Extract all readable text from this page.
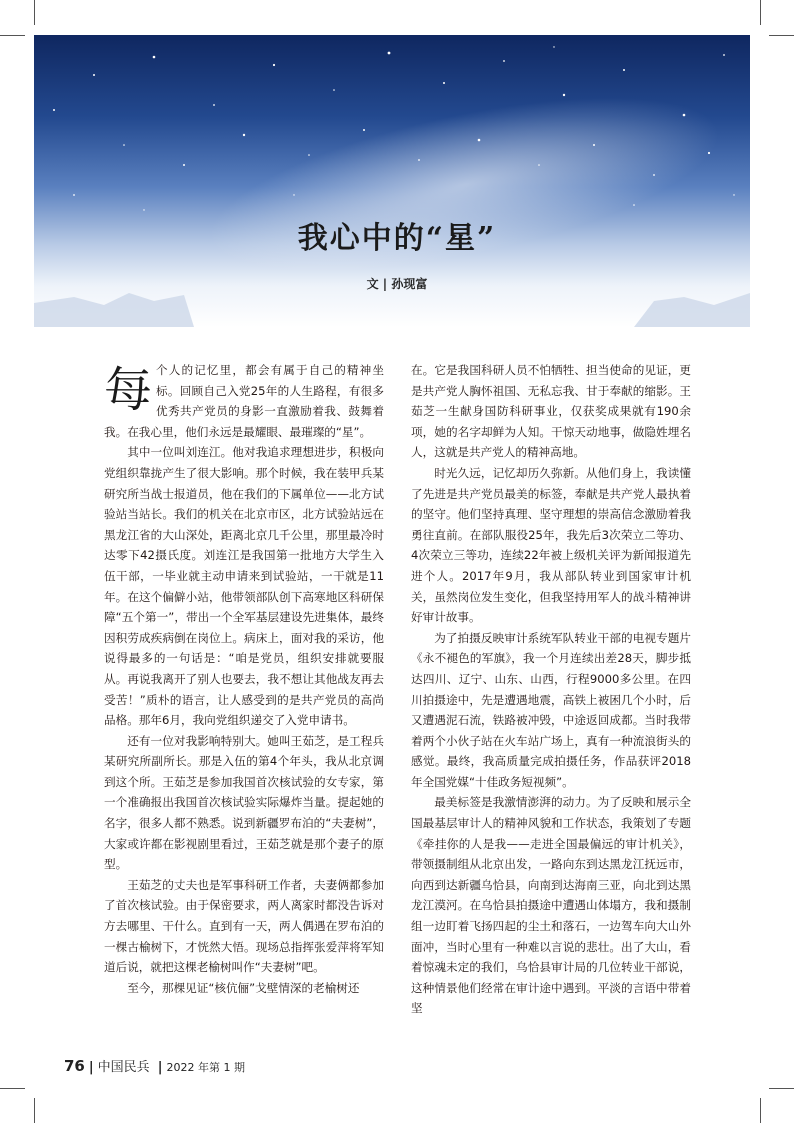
我心中的“星”
文 | 孙现富

每个人的记忆里，都会有属于自己的精神坐标。回顾自己入党25年的人生路程，有很多优秀共产党员的身影一直激励着我、鼓舞着我。在我心里，他们永远是最耀眼、最璀璨的“星”。

其中一位叫刘连江。他对我追求理想进步，积极向党组织靠拢产生了很大影响。那个时候，我在装甲兵某研究所当战士报道员，他在我们的下属单位——北方试验站当站长。我们的机关在北京市区，北方试验站远在黑龙江省的大山深处，距离北京几千公里，那里最冷时达零下42摄氏度。刘连江是我国第一批地方大学生入伍干部，一毕业就主动申请来到试验站，一干就是11年。在这个偏僻小站，他带领部队创下高寒地区科研保障“五个第一”，带出一个全军基层建设先进集体，最终因积劳成疾病倒在岗位上。病床上，面对我的采访，他说得最多的一句话是：“咱是党员，组织安排就要服从。再说我离开了别人也要去，我不想让其他战友再去受苦！”质朴的语言，让人感受到的是共产党员的高尚品格。那年6月，我向党组织递交了入党申请书。

还有一位对我影响特别大。她叫王茹芝，是工程兵某研究所副所长。那是入伍的第4个年头，我从北京调到这个所。王茹芝是参加我国首次核试验的女专家，第一个准确报出我国首次核试验实际爆炸当量。提起她的名字，很多人都不熟悉。说到新疆罗布泊的“夫妻树”，大家或许都在影视剧里看过，王茹芝就是那个妻子的原型。

王茹芝的丈夫也是军事科研工作者，夫妻俩都参加了首次核试验。由于保密要求，两人离家时都没告诉对方去哪里、干什么。直到有一天，两人偶遇在罗布泊的一棵古榆树下，才恍然大悟。现场总指挥张爱萍将军知道后说，就把这棵老榆树叫作“夫妻树”吧。

至今，那棵见证“核伉俪”戈壁情深的老榆树还

在。它是我国科研人员不怕牺牲、担当使命的见证，更是共产党人胸怀祖国、无私忘我、甘于奉献的缩影。王茹芝一生献身国防科研事业，仅获奖成果就有190余项，她的名字却鲜为人知。干惊天动地事，做隐姓埋名人，这就是共产党人的精神高地。

时光久远，记忆却历久弥新。从他们身上，我读懂了先进是共产党员最美的标签，奉献是共产党人最执着的坚守。他们坚持真理、坚守理想的崇高信念激励着我勇往直前。在部队服役25年，我先后3次荣立二等功、4次荣立三等功，连续22年被上级机关评为新闻报道先进个人。2017年9月，我从部队转业到国家审计机关，虽然岗位发生变化，但我坚持用军人的战斗精神讲好审计故事。

为了拍摄反映审计系统军队转业干部的电视专题片《永不褪色的军旗》，我一个月连续出差28天，脚步抵达四川、辽宁、山东、山西，行程9000多公里。在四川拍摄途中，先是遭遇地震，高铁上被困几个小时，后又遭遇泥石流，铁路被冲毁，中途返回成都。当时我带着两个小伙子站在火车站广场上，真有一种流浪街头的感觉。最终，我高质量完成拍摄任务，作品获评2018年全国党媒“十佳政务短视频”。

最美标签是我激情澎湃的动力。为了反映和展示全国最基层审计人的精神风貌和工作状态，我策划了专题《牵挂你的人是我——走进全国最偏远的审计机关》，带领摄制组从北京出发，一路向东到达黑龙江抚远市，向西到达新疆乌恰县，向南到达海南三亚，向北到达黑龙江漠河。在乌恰县拍摄途中遭遇山体塌方，我和摄制组一边盯着飞扬四起的尘土和落石，一边驾车向大山外面冲，当时心里有一种难以言说的悲壮。出了大山，看着惊魂未定的我们，乌恰县审计局的几位转业干部说，这种情景他们经常在审计途中遇到。平淡的言语中带着坚

76 | 中国民兵 | 2022 年第 1 期
